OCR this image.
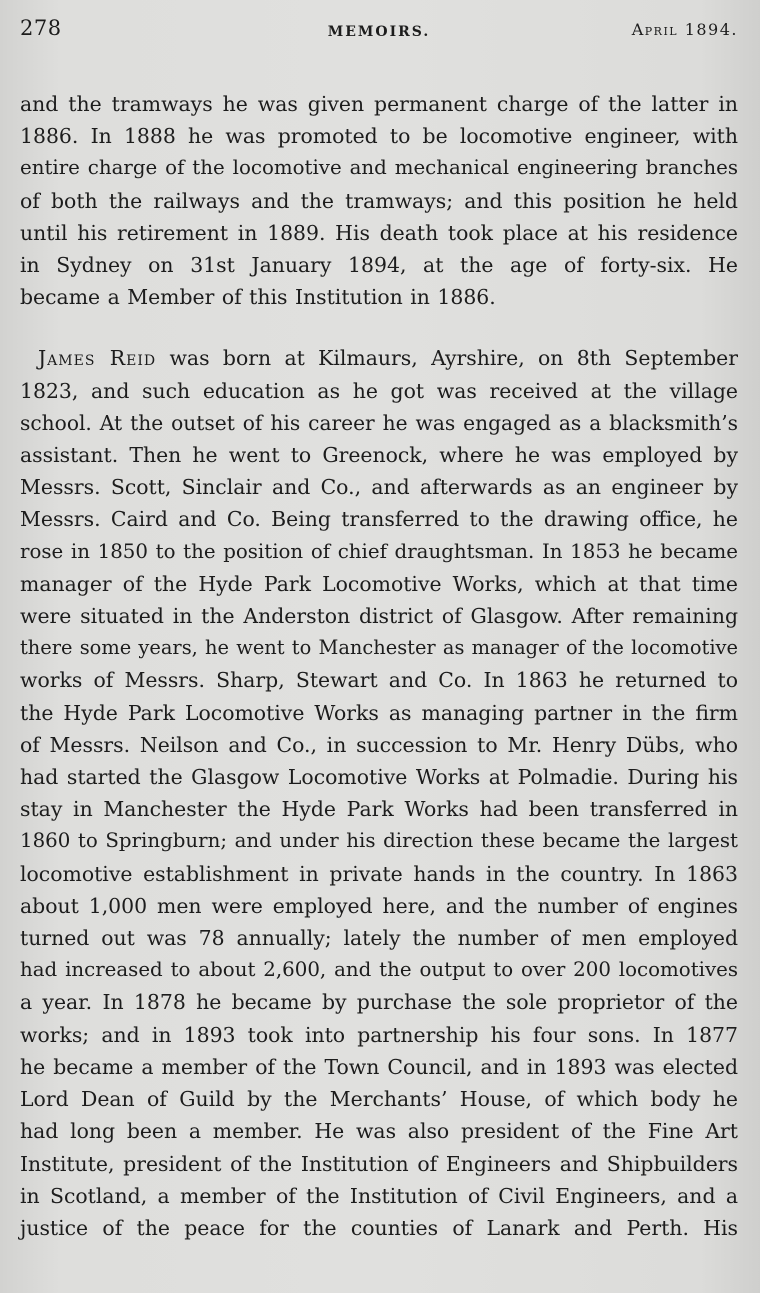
278	MEMOIRS.	April 1894.
and the tramways he was given permanent charge of the latter in
1886. In 1888 he was promoted to be locomotive engineer, with
entire charge of the locomotive and mechanical engineering branches
of both the railways and the tramways; and this position he held
until his retirement in 1889. His death took place at his residence
in Sydney on 31st January 1894, at the age of forty-six. He
became a Member of this Institution in 1886.
James Reid was born at Kilmaurs, Ayrshire, on 8th September
1823, and such education as he got was received at the village
school. At the outset of his career he was engaged as a blacksmith’s
assistant. Then he went to Greenock, where he was employed by
Messrs. Scott, Sinclair and Co., and afterwards as an engineer by
Messrs. Caird and Co. Being transferred to the drawing office, he
rose in 1850 to the position of chief draughtsman. In 1853 he became
manager of the Hyde Park Locomotive Works, which at that time
were situated in the Anderston district of Glasgow. After remaining
there some years, he went to Manchester as manager of the locomotive
works of Messrs. Sharp, Stewart and Co. In 1863 he returned to
the Hyde Park Locomotive Works as managing partner in the firm
of Messrs. Neilson and Co., in succession to Mr. Henry Dübs, who
had started the Glasgow Locomotive Works at Polmadie. During his
stay in Manchester the Hyde Park Works had been transferred in
1860 to Springburn; and under his direction these became the largest
locomotive establishment in private hands in the country. In 1863
about 1,000 men were employed here, and the number of engines
turned out was 78 annually; lately the number of men employed
had increased to about 2,600, and the output to over 200 locomotives
a year. In 1878 he became by purchase the sole proprietor of the
works; and in 1893 took into partnership his four sons. In 1877
he became a member of the Town Council, and in 1893 was elected
Lord Dean of Guild by the Merchants’ House, of which body he
had long been a member. He was also president of the Fine Art
Institute, president of the Institution of Engineers and Shipbuilders
in Scotland, a member of the Institution of Civil Engineers, and a
justice of the peace for the counties of Lanark and Perth. His
